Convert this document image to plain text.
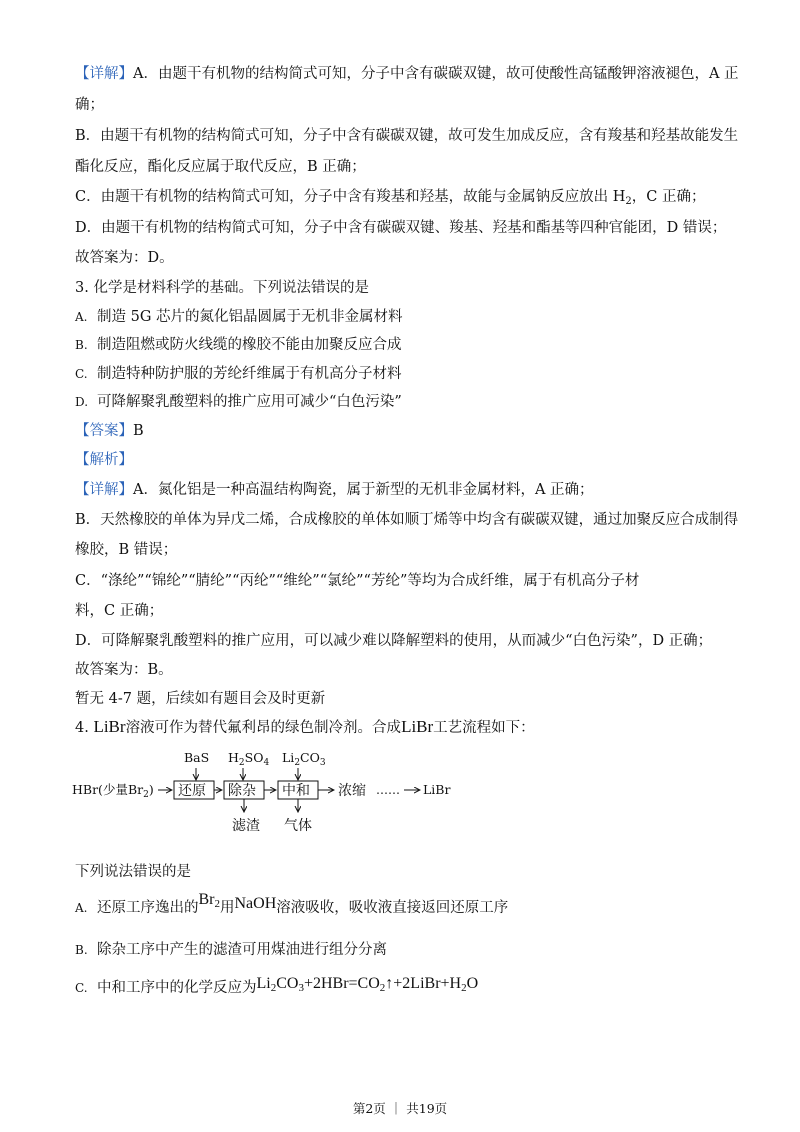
【详解】A．由题干有机物的结构简式可知，分子中含有碳碳双键，故可使酸性高锰酸钾溶液褪色，A 正
确；
B．由题干有机物的结构简式可知，分子中含有碳碳双键，故可发生加成反应，含有羧基和羟基故能发生
酯化反应，酯化反应属于取代反应，B 正确；
C．由题干有机物的结构简式可知，分子中含有羧基和羟基，故能与金属钠反应放出 $H_2$，C 正确；
D．由题干有机物的结构简式可知，分子中含有碳碳双键、羧基、羟基和酯基等四种官能团，D 错误；
故答案为：D。
3. 化学是材料科学的基础。下列说法错误的是
A. 制造 5G 芯片的氮化铝晶圆属于无机非金属材料
B. 制造阻燃或防火线缆的橡胶不能由加聚反应合成
C. 制造特种防护服的芳纶纤维属于有机高分子材料
D. 可降解聚乳酸塑料的推广应用可减少“白色污染”
【答案】B
【解析】
【详解】A．氮化铝是一种高温结构陶瓷，属于新型的无机非金属材料，A 正确；
B．天然橡胶的单体为异戊二烯，合成橡胶的单体如顺丁烯等中均含有碳碳双键，通过加聚反应合成制得
橡胶，B 错误；
C．“涤纶”“锦纶”“腈纶”“丙纶”“维纶”“氯纶”“芳纶”等均为合成纤维，属于有机高分子材
料，C 正确；
D．可降解聚乳酸塑料的推广应用，可以减少难以降解塑料的使用，从而减少“白色污染”，D 正确；
故答案为：B。
暂无 4-7 题，后续如有题目会及时更新
4. LiBr溶液可作为替代氟利昂的绿色制冷剂。合成LiBr工艺流程如下：
BaS $H_2SO_4$ $Li_2CO_3$
HBr(少量$Br_2$) 还原 除杂 中和 浓缩 …… LiBr
滤渣 气体
下列说法错误的是
A. 还原工序逸出的$Br_2$用NaOH溶液吸收，吸收液直接返回还原工序
B. 除杂工序中产生的滤渣可用煤油进行组分分离
C. 中和工序中的化学反应为$Li_2CO_3+2HBr=CO_2↑+2LiBr+H_2O$
第2页 ｜ 共19页
